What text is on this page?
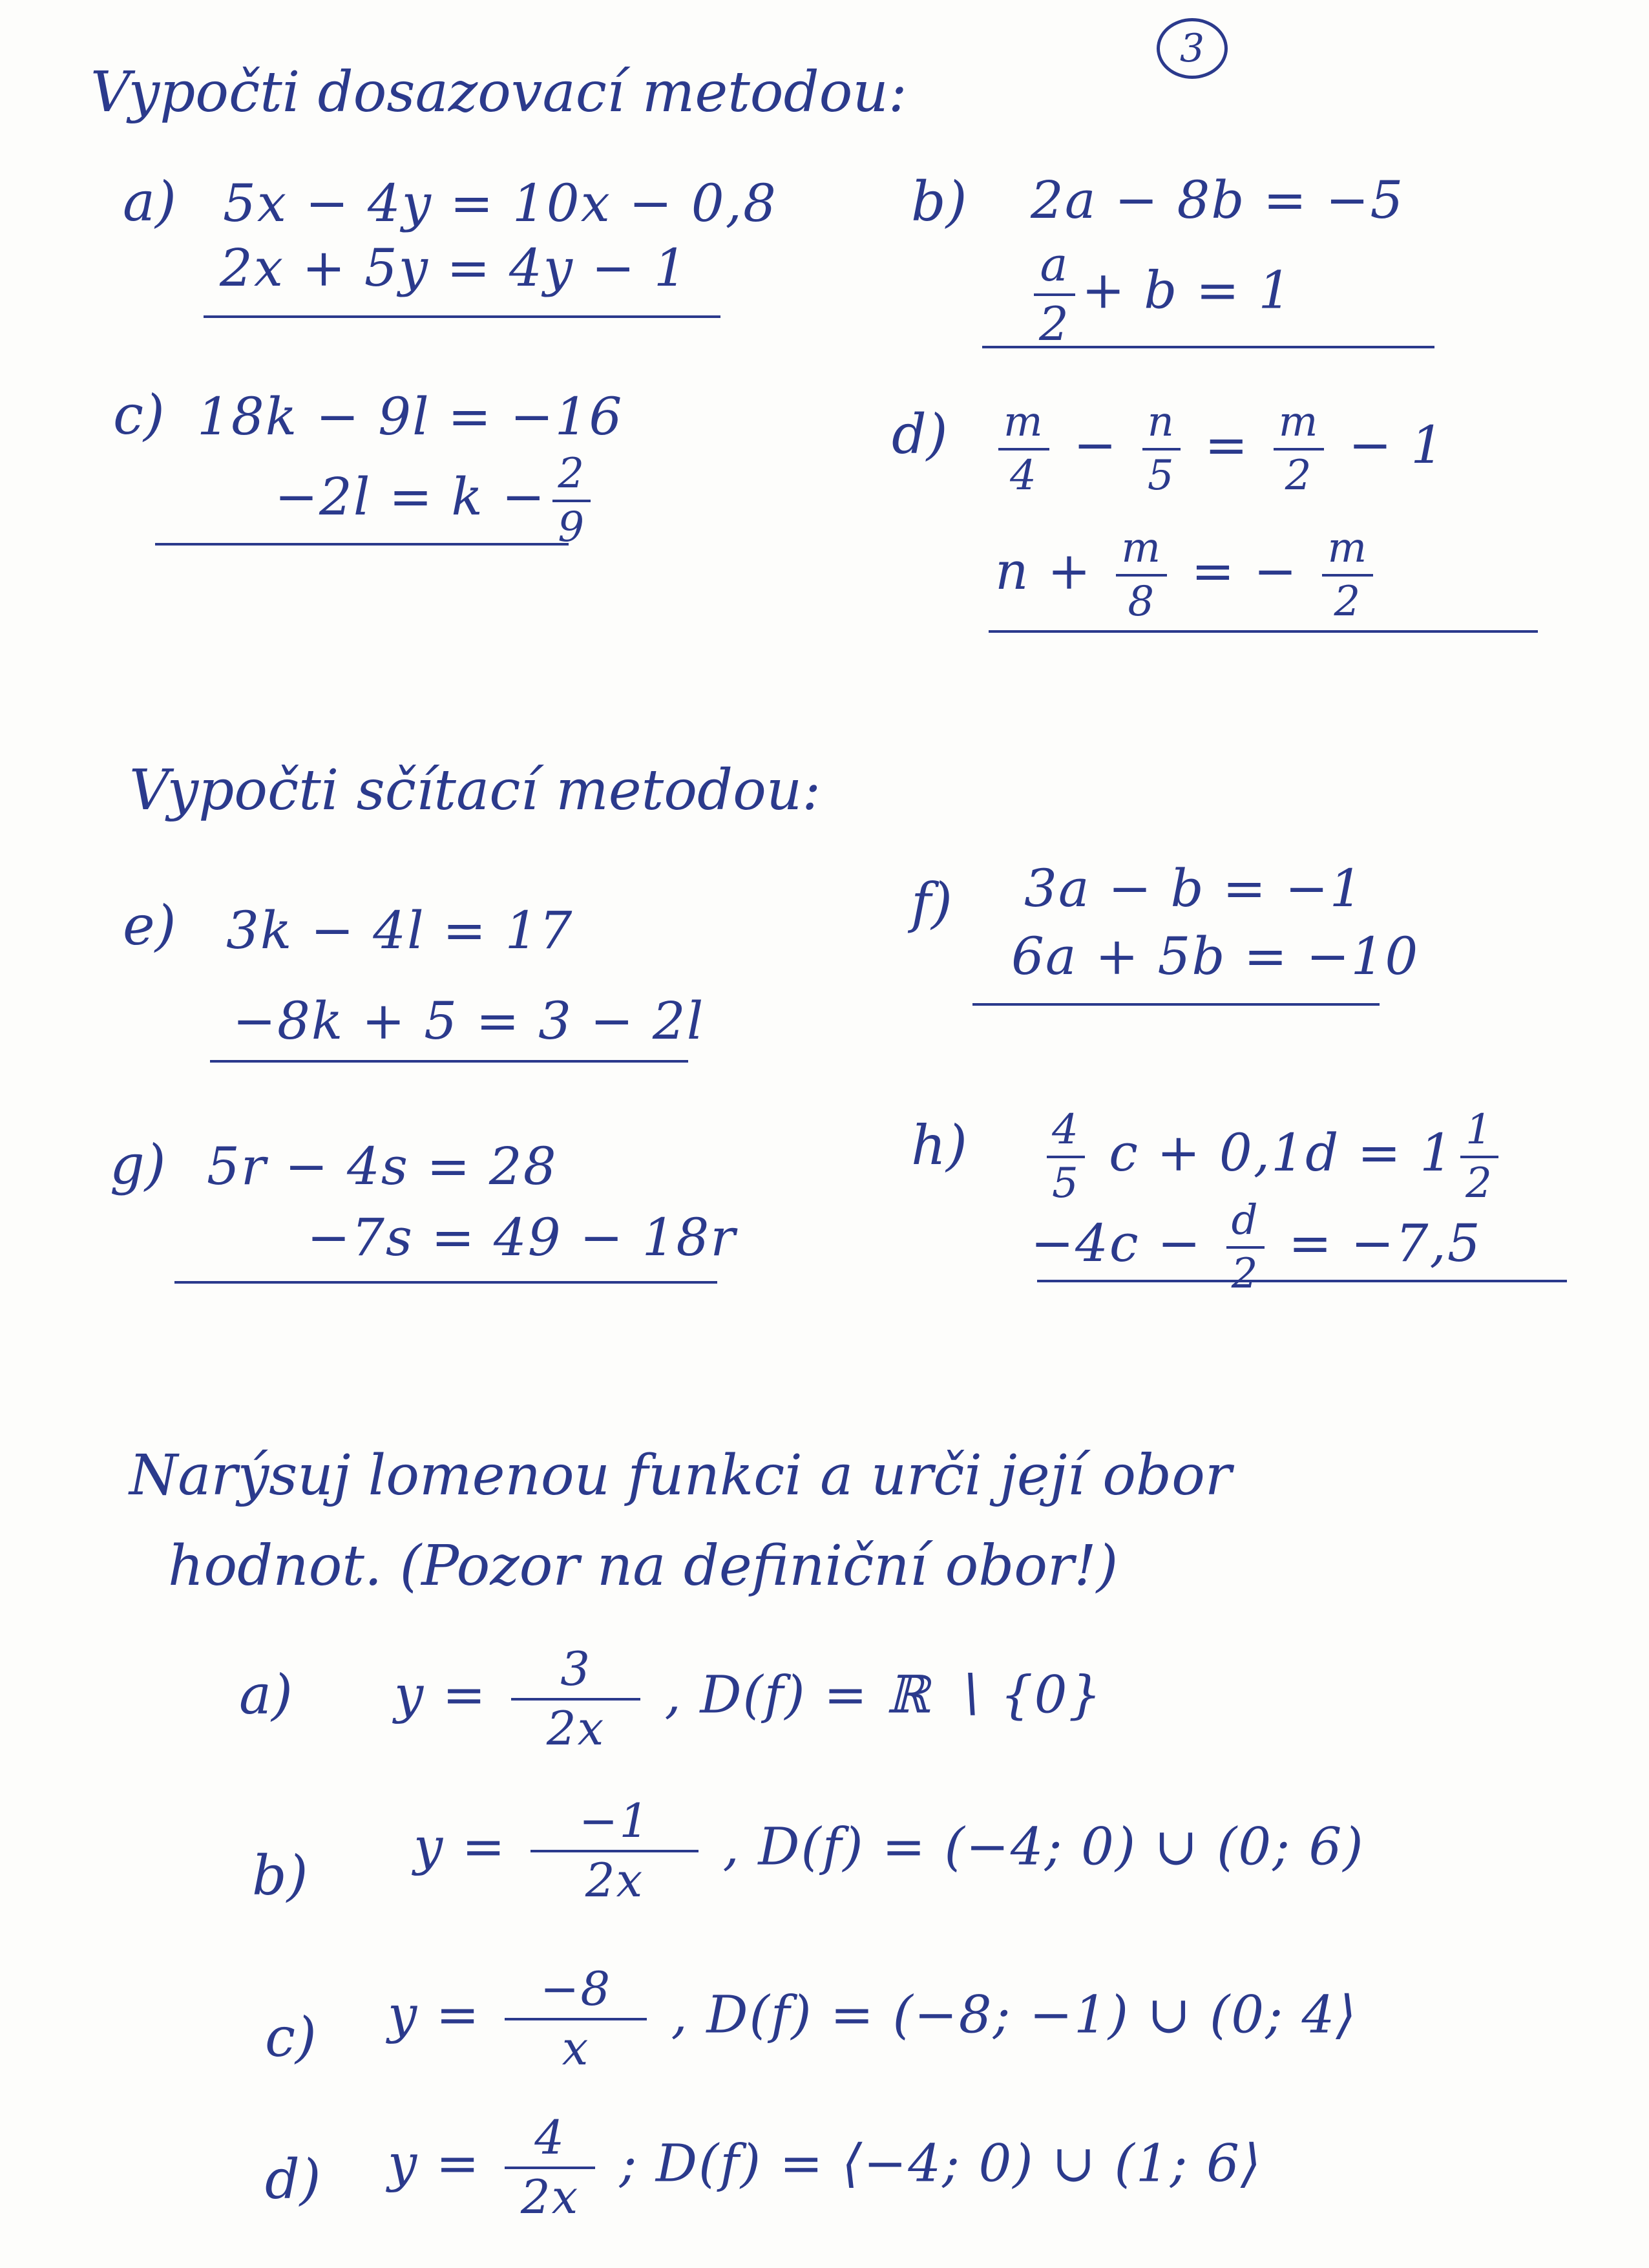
3
Vypočti dosazovací metodou:
a) 5x − 4y = 10x − 0,8
2x + 5y = 4y − 1
b) 2a − 8b = −5
$\frac{a}{2} + b = 1$
c) 18k − 9l = −16
$-2l = k - \frac{2}{9}$
$d) \frac{m}{4} - \frac{n}{5} = \frac{m}{2} - 1$
$n + \frac{m}{8}$ = − $\frac{m}{2}$
Vypočti sčítací metodou:
e) 3k − 4l = 17
−8k + 5 = 3 − 2l
f) 3a − b = −1
6a + 5b = −10
g) 5r − 4s = 28
−7s = 49 − 18r
$h) \frac{4}{5}$ $c + 0,1d = 1 \frac{1}{2}$
$-4c - \frac{d}{2} = -7,5$
Narýsuj lomenou funkci a urči její obor
hodnot. (Pozor na definiční obor!)
a) $y = \frac{3}{2x}$ , D(f) = ℝ ∖ {0}
b) $y = \frac{-1}{2x}$ , D(f) = (−4; 0) ∪ (0; 6)
c) $y = \frac{-8}{x}$ , D(f) = (−8; −1) ∪ (0; 4⟩
d) $y = \frac{4}{2x}$ ; D(f) = ⟨−4; 0) ∪ (1; 6⟩
